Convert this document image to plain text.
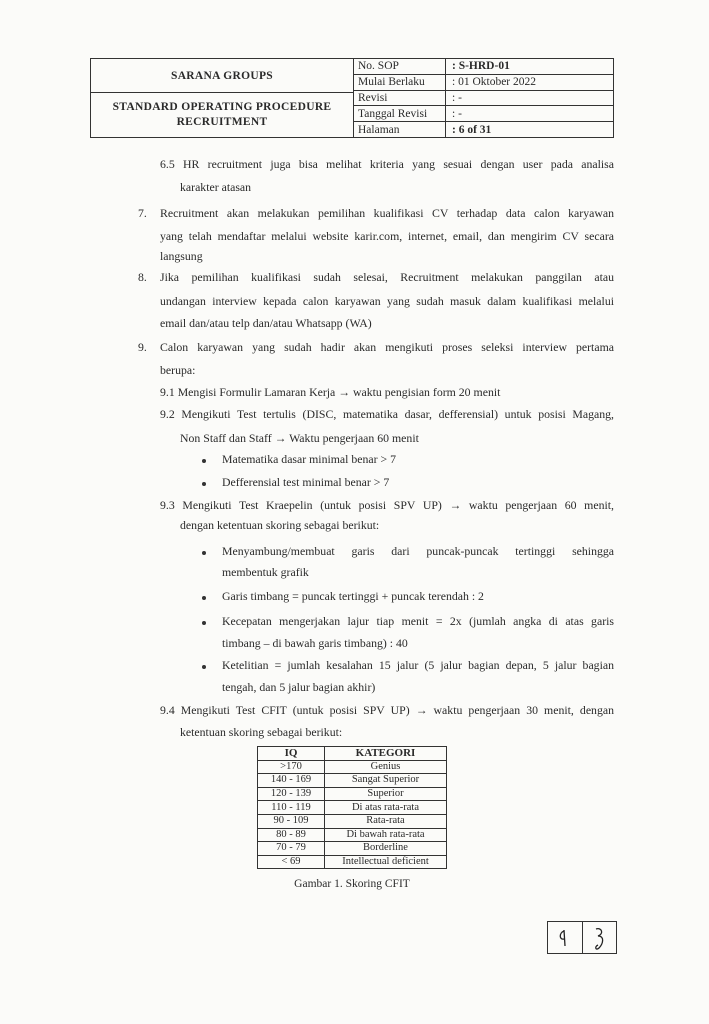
SARANA GROUPS
STANDARD OPERATING PROCEDURE
RECRUITMENT
No. SOP	: S-HRD-01
Mulai Berlaku	: 01 Oktober 2022
Revisi	: -
Tanggal Revisi	: -
Halaman	: 6 of 31
6.5 HR recruitment juga bisa melihat kriteria yang sesuai dengan user pada analisa
karakter atasan
7. Recruitment akan melakukan pemilihan kualifikasi CV terhadap data calon karyawan
yang telah mendaftar melalui website karir.com, internet, email, dan mengirim CV secara
langsung
8. Jika pemilihan kualifikasi sudah selesai, Recruitment melakukan panggilan atau
undangan interview kepada calon karyawan yang sudah masuk dalam kualifikasi melalui
email dan/atau telp dan/atau Whatsapp (WA)
9. Calon karyawan yang sudah hadir akan mengikuti proses seleksi interview pertama
berupa:
9.1 Mengisi Formulir Lamaran Kerja → waktu pengisian form 20 menit
9.2 Mengikuti Test tertulis (DISC, matematika dasar, defferensial) untuk posisi Magang,
Non Staff dan Staff → Waktu pengerjaan 60 menit
Matematika dasar minimal benar > 7
Defferensial test minimal benar > 7
9.3 Mengikuti Test Kraepelin (untuk posisi SPV UP) → waktu pengerjaan 60 menit,
dengan ketentuan skoring sebagai berikut:
Menyambung/membuat garis dari puncak-puncak tertinggi sehingga
membentuk grafik
Garis timbang = puncak tertinggi + puncak terendah : 2
Kecepatan mengerjakan lajur tiap menit = 2x (jumlah angka di atas garis
timbang – di bawah garis timbang) : 40
Ketelitian = jumlah kesalahan 15 jalur (5 jalur bagian depan, 5 jalur bagian
tengah, dan 5 jalur bagian akhir)
9.4 Mengikuti Test CFIT (untuk posisi SPV UP) → waktu pengerjaan 30 menit, dengan
ketentuan skoring sebagai berikut:
IQ	KATEGORI
>170	Genius
140 - 169	Sangat Superior
120 - 139	Superior
110 - 119	Di atas rata-rata
90 - 109	Rata-rata
80 - 89	Di bawah rata-rata
70 - 79	Borderline
< 69	Intellectual deficient
Gambar 1. Skoring CFIT
